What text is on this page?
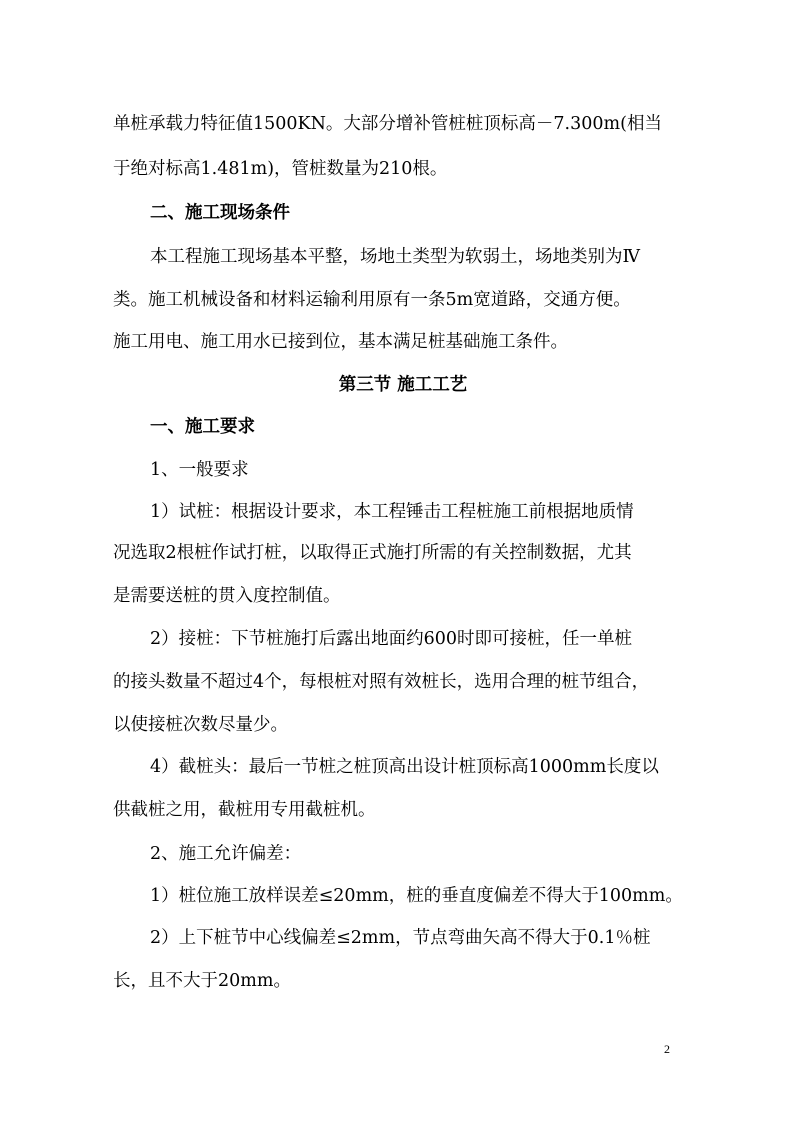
单桩承载力特征值1500KN。大部分增补管桩桩顶标高－7.300m(相当
于绝对标高1.481m)，管桩数量为210根。
二、施工现场条件
本工程施工现场基本平整，场地土类型为软弱土，场地类别为Ⅳ
类。施工机械设备和材料运输利用原有一条5m宽道路，交通方便。
施工用电、施工用水已接到位，基本满足桩基础施工条件。
第三节 施工工艺
一、施工要求
1、一般要求
1）试桩：根据设计要求，本工程锤击工程桩施工前根据地质情
况选取2根桩作试打桩，以取得正式施打所需的有关控制数据，尤其
是需要送桩的贯入度控制值。
2）接桩：下节桩施打后露出地面约600时即可接桩，任一单桩
的接头数量不超过4个，每根桩对照有效桩长，选用合理的桩节组合，
以使接桩次数尽量少。
4）截桩头：最后一节桩之桩顶高出设计桩顶标高1000mm长度以
供截桩之用，截桩用专用截桩机。
2、施工允许偏差：
1）桩位施工放样误差≤20mm，桩的垂直度偏差不得大于100mm。
2）上下桩节中心线偏差≤2mm，节点弯曲矢高不得大于0.1％桩
长，且不大于20mm。
2
